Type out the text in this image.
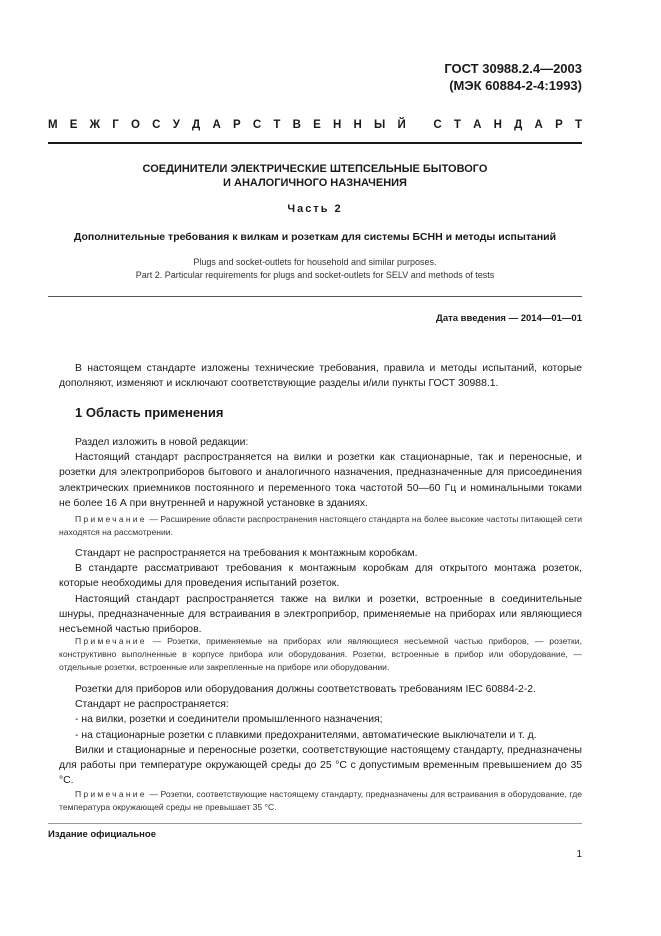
ГОСТ 30988.2.4—2003
(МЭК 60884-2-4:1993)
М Е Ж Г О С У Д А Р С Т В Е Н Н Ы Й
С Т А Н Д А Р Т
СОЕДИНИТЕЛИ ЭЛЕКТРИЧЕСКИЕ ШТЕПСЕЛЬНЫЕ БЫТОВОГО
И АНАЛОГИЧНОГО НАЗНАЧЕНИЯ
Часть 2
Дополнительные требования к вилкам и розеткам для системы БСНН и методы испытаний
Plugs and socket-outlets for household and similar purposes.
Part 2. Particular requirements for plugs and socket-outlets for SELV and methods of tests
Дата введения — 2014—01—01

В настоящем стандарте изложены технические требования, правила и методы испытаний, которые дополняют, изменяют и исключают соответствующие разделы и/или пункты ГОСТ 30988.1.

1 Область применения

Раздел изложить в новой редакции:

Настоящий стандарт распространяется на вилки и розетки как стационарные, так и переносные, и розетки для электроприборов бытового и аналогичного назначения, предназначенные для присоединения электрических приемников постоянного и переменного тока частотой 50—60 Гц и номинальными токами не более 16 А при внутренней и наружной установке в зданиях.

Примечание — Расширение области распространения настоящего стандарта на более высокие частоты питающей сети находятся на рассмотрении.

Стандарт не распространяется на требования к монтажным коробкам.

В стандарте рассматривают требования к монтажным коробкам для открытого монтажа розеток, которые необходимы для проведения испытаний розеток.

Настоящий стандарт распространяется также на вилки и розетки, встроенные в соединительные шнуры, предназначенные для встраивания в электроприбор, применяемые на приборах или являющиеся несъемной частью приборов.

Примечание — Розетки, применяемые на приборах или являющиеся несъемной частью приборов, — розетки, конструктивно выполненные в корпусе прибора или оборудования. Розетки, встроенные в прибор или оборудование, — отдельные розетки, встроенные или закрепленные на приборе или оборудовании.

Розетки для приборов или оборудования должны соответствовать требованиям IEC 60884-2-2.

Стандарт не распространяется:

- на вилки, розетки и соединители промышленного назначения;

- на стационарные розетки с плавкими предохранителями, автоматические выключатели и т. д.

Вилки и стационарные и переносные розетки, соответствующие настоящему стандарту, предназначены для работы при температуре окружающей среды до 25 °С с допустимым временным превышением до 35 °С.

Примечание — Розетки, соответствующие настоящему стандарту, предназначены для встраивания в оборудование, где температура окружающей среды не превышает 35 °С.

Издание официальное
1
